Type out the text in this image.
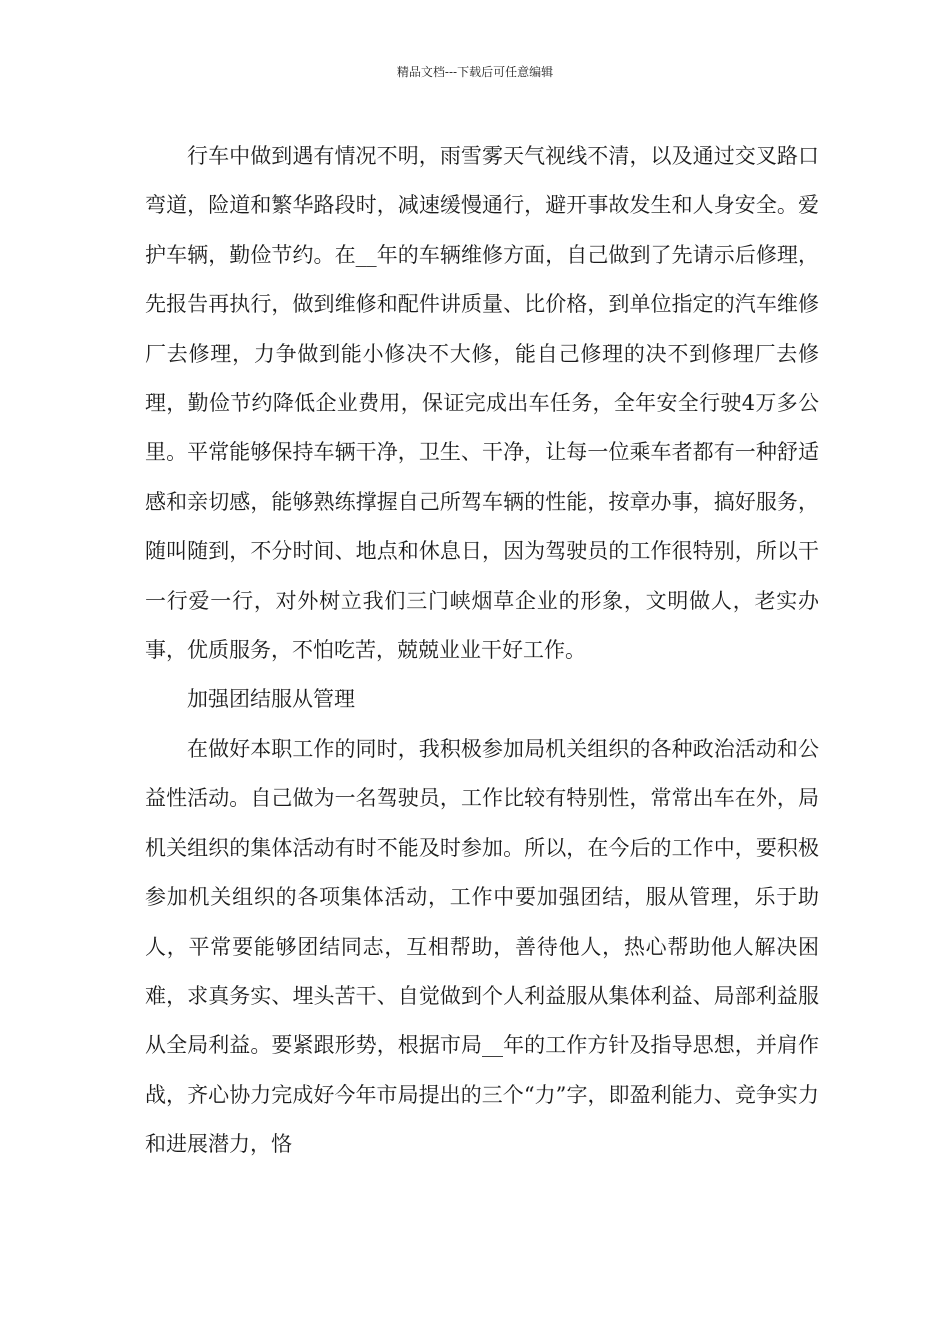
精品文档---下载后可任意编辑

行车中做到遇有情况不明，雨雪雾天气视线不清，以及通过交叉路口弯道，险道和繁华路段时，减速缓慢通行，避开事故发生和人身安全。爱护车辆，勤俭节约。在__年的车辆维修方面，自己做到了先请示后修理，先报告再执行，做到维修和配件讲质量、比价格，到单位指定的汽车维修厂去修理，力争做到能小修决不大修，能自己修理的决不到修理厂去修理，勤俭节约降低企业费用，保证完成出车任务，全年安全行驶4万多公里。平常能够保持车辆干净，卫生、干净，让每一位乘车者都有一种舒适感和亲切感，能够熟练撑握自己所驾车辆的性能，按章办事，搞好服务，随叫随到，不分时间、地点和休息日，因为驾驶员的工作很特别，所以干一行爱一行，对外树立我们三门峡烟草企业的形象，文明做人，老实办事，优质服务，不怕吃苦，兢兢业业干好工作。

加强团结服从管理

在做好本职工作的同时，我积极参加局机关组织的各种政治活动和公益性活动。自己做为一名驾驶员，工作比较有特别性，常常出车在外，局机关组织的集体活动有时不能及时参加。所以，在今后的工作中，要积极参加机关组织的各项集体活动，工作中要加强团结，服从管理，乐于助人，平常要能够团结同志，互相帮助，善待他人，热心帮助他人解决困难，求真务实、埋头苦干、自觉做到个人利益服从集体利益、局部利益服从全局利益。要紧跟形势，根据市局__年的工作方针及指导思想，并肩作战，齐心协力完成好今年市局提出的三个“力”字，即盈利能力、竞争实力和进展潜力，恪
